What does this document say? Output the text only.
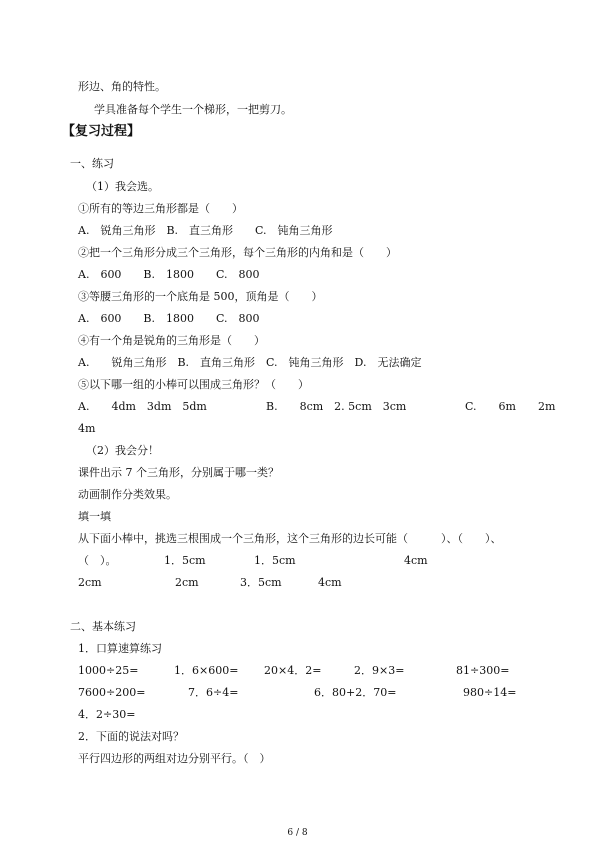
形边、角的特性。
学具准备每个学生一个梯形，一把剪刀。
【复习过程】
一、练习
（1）我会选。
①所有的等边三角形都是（　　）
A.　锐角三角形　B.　直三角形　　C.　钝角三角形
②把一个三角形分成三个三角形，每个三角形的内角和是（　　）
A.　600　　B.　1800　　C.　800
③等腰三角形的一个底角是 500，顶角是（　　）
A.　600　　B.　1800　　C.　800
④有一个角是锐角的三角形是（　　）
A.　　锐角三角形　B.　直角三角形　C.　钝角三角形　D.　无法确定
⑤以下哪一组的小棒可以围成三角形？（　　）
A.　　4dm　3dm　5dm	B.　　8cm　2. 5cm　3cm	C.　　6m　　2m
4m
（2）我会分！
课件出示 7 个三角形，分别属于哪一类？
动画制作分类效果。
填一填
从下面小棒中，挑选三根围成一个三角形，这个三角形的边长可能（　　　）、（　　）、
（　）。	1．5cm	1．5cm	4cm
2cm	2cm	3．5cm	4cm
二、基本练习
1．口算速算练习
1000÷25=	1．6×600= 20×4．2=	2．9×3=	81÷300=
7600÷200=	7．6÷4=	6．80+2．70=	980÷14=
4．2÷30=
2．下面的说法对吗？
平行四边形的两组对边分别平行。（　）
6 / 8
